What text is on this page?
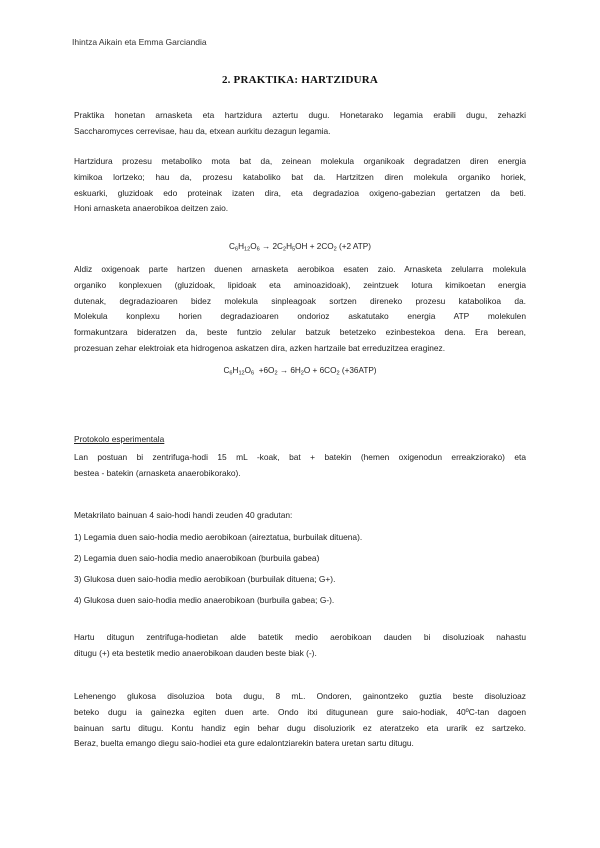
Ihintza Aikain eta Emma Garciandia
2. PRAKTIKA: HARTZIDURA
Praktika honetan arnasketa eta hartzidura aztertu dugu. Honetarako legamia erabili dugu, zehazki
Saccharomyces cerrevisae, hau da, etxean aurkitu dezagun legamia.
Hartzidura prozesu metaboliko mota bat da, zeinean molekula organikoak degradatzen diren energia
kimikoa lortzeko; hau da, prozesu kataboliko bat da. Hartzitzen diren molekula organiko horiek,
eskuarki, gluzidoak edo proteinak izaten dira, eta degradazioa oxigeno-gabezian gertatzen da beti.
Honi arnasketa anaerobikoa deitzen zaio.
$C_6H_{12}O_6 \to 2C_2H_5OH + 2CO_2$ (+2 ATP)
Aldiz oxigenoak parte hartzen duenen arnasketa aerobikoa esaten zaio. Arnasketa zelularra molekula
organiko konplexuen (gluzidoak, lipidoak eta aminoazidoak), zeintzuek lotura kimikoetan energia
dutenak, degradazioaren bidez molekula sinpleagoak sortzen direneko prozesu katabolikoa da.
Molekula konplexu horien degradazioaren ondorioz askatutako energia ATP molekulen
formakuntzara bideratzen da, beste funtzio zelular batzuk betetzeko ezinbestekoa dena. Era berean,
prozesuan zehar elektroiak eta hidrogenoa askatzen dira, azken hartzaile bat erreduzitzea eraginez.
$C_6H_{12}O_6 +6O_2 \to 6H_2O + 6CO_2$ (+36ATP)
Protokolo esperimentala
Lan postuan bi zentrifuga-hodi 15 mL -koak, bat + batekin (hemen oxigenodun erreakziorako) eta
bestea - batekin (arnasketa anaerobikorako).
Metakrilato bainuan 4 saio-hodi handi zeuden 40 gradutan:
1) Legamia duen saio-hodia medio aerobikoan (aireztatua, burbuilak dituena).
2) Legamia duen saio-hodia medio anaerobikoan (burbuila gabea)
3) Glukosa duen saio-hodia medio aerobikoan (burbuilak dituena; G+).
4) Glukosa duen saio-hodia medio anaerobikoan (burbuila gabea; G-).
Hartu ditugun zentrifuga-hodietan alde batetik medio aerobikoan dauden bi disoluzioak nahastu
ditugu (+) eta bestetik medio anaerobikoan dauden beste biak (-).
Lehenengo glukosa disoluzioa bota dugu, 8 mL. Ondoren, gainontzeko guztia beste disoluzioaz
beteko dugu ia gainezka egiten duen arte. Ondo itxi ditugunean gure saio-hodiak, 40ºC-tan dagoen
bainuan sartu ditugu. Kontu handiz egin behar dugu disoluziorik ez ateratzeko eta urarik ez sartzeko.
Beraz, buelta emango diegu saio-hodiei eta gure edalontziarekin batera uretan sartu ditugu.
